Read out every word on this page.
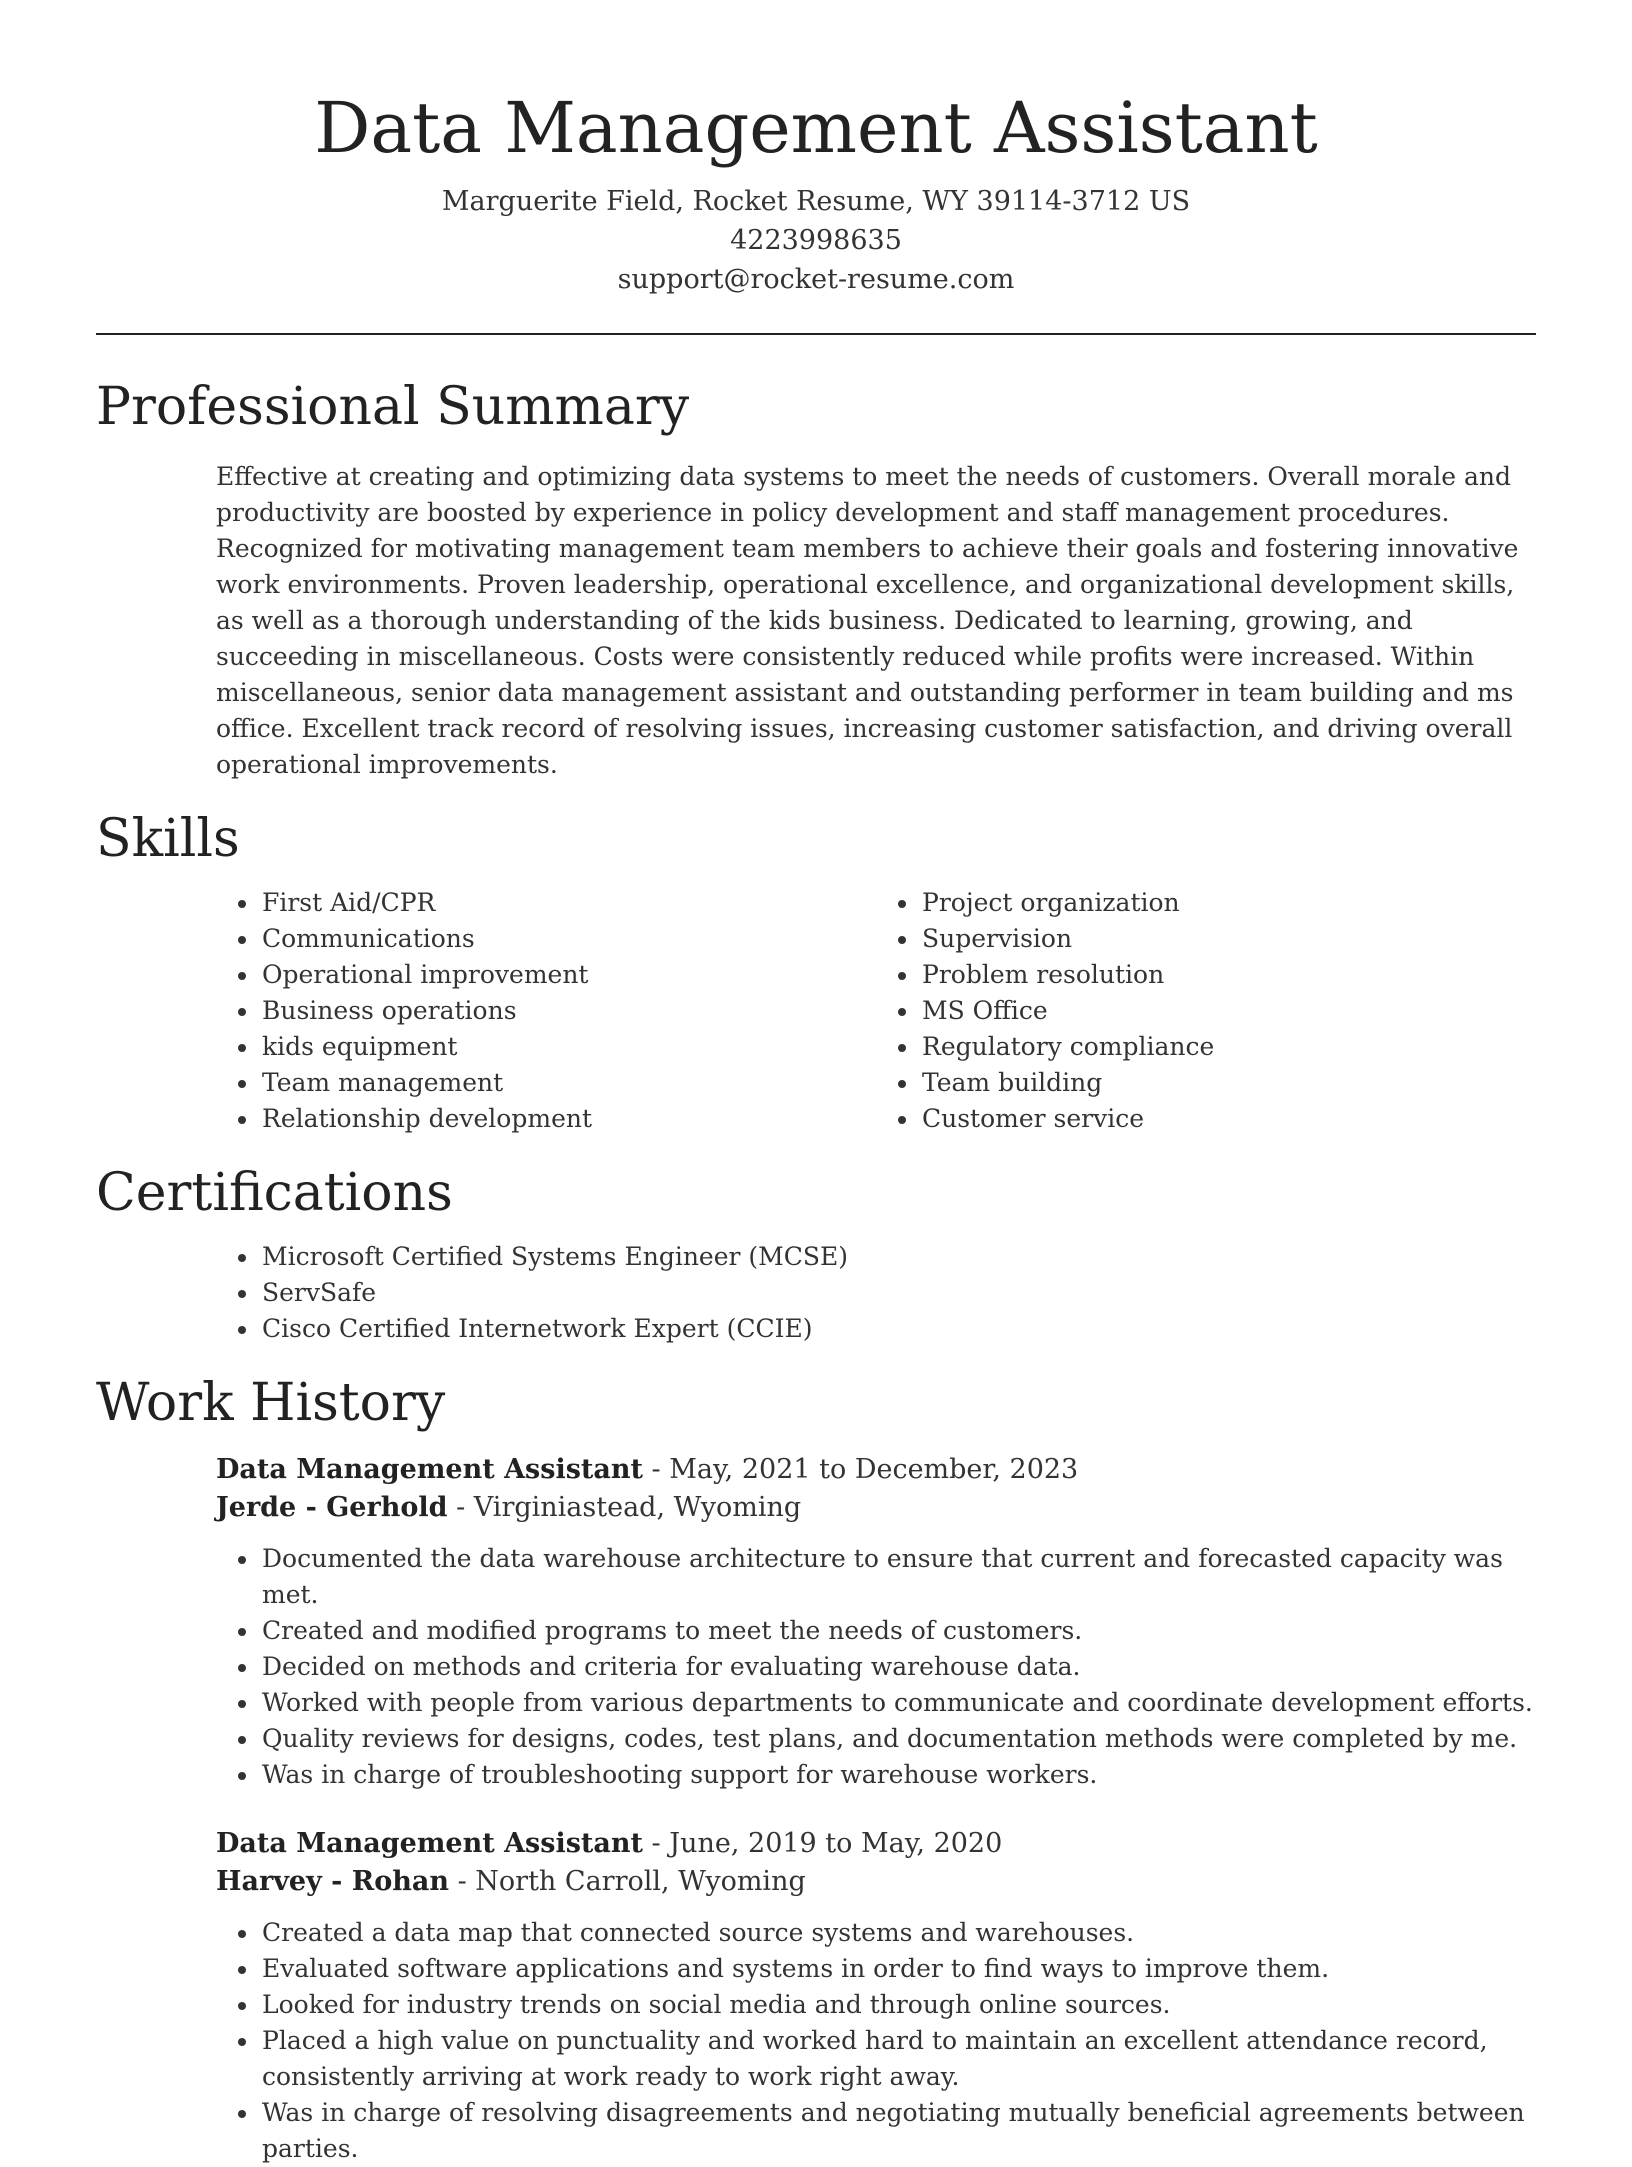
Data Management Assistant
Marguerite Field, Rocket Resume, WY 39114-3712 US
4223998635
support@rocket-resume.com
Professional Summary

Effective at creating and optimizing data systems to meet the needs of customers. Overall morale and productivity are boosted by experience in policy development and staff management procedures. Recognized for motivating management team members to achieve their goals and fostering innovative work environments. Proven leadership, operational excellence, and organizational development skills, as well as a thorough understanding of the kids business. Dedicated to learning, growing, and succeeding in miscellaneous. Costs were consistently reduced while profits were increased. Within miscellaneous, senior data management assistant and outstanding performer in team building and ms office. Excellent track record of resolving issues, increasing customer satisfaction, and driving overall operational improvements.

Skills
• First Aid/CPR
• Communications
• Operational improvement
• Business operations
• kids equipment
• Team management
• Relationship development
• Project organization
• Supervision
• Problem resolution
• MS Office
• Regulatory compliance
• Team building
• Customer service
Certifications
• Microsoft Certified Systems Engineer (MCSE)
• ServSafe
• Cisco Certified Internetwork Expert (CCIE)
Work History
Data Management Assistant - May, 2021 to December, 2023
Jerde - Gerhold - Virginiastead, Wyoming
• Documented the data warehouse architecture to ensure that current and forecasted capacity was met.
• Created and modified programs to meet the needs of customers.
• Decided on methods and criteria for evaluating warehouse data.
• Worked with people from various departments to communicate and coordinate development efforts.
• Quality reviews for designs, codes, test plans, and documentation methods were completed by me.
• Was in charge of troubleshooting support for warehouse workers.
Data Management Assistant - June, 2019 to May, 2020
Harvey - Rohan - North Carroll, Wyoming
• Created a data map that connected source systems and warehouses.
• Evaluated software applications and systems in order to find ways to improve them.
• Looked for industry trends on social media and through online sources.
• Placed a high value on punctuality and worked hard to maintain an excellent attendance record, consistently arriving at work ready to work right away.
• Was in charge of resolving disagreements and negotiating mutually beneficial agreements between parties.
